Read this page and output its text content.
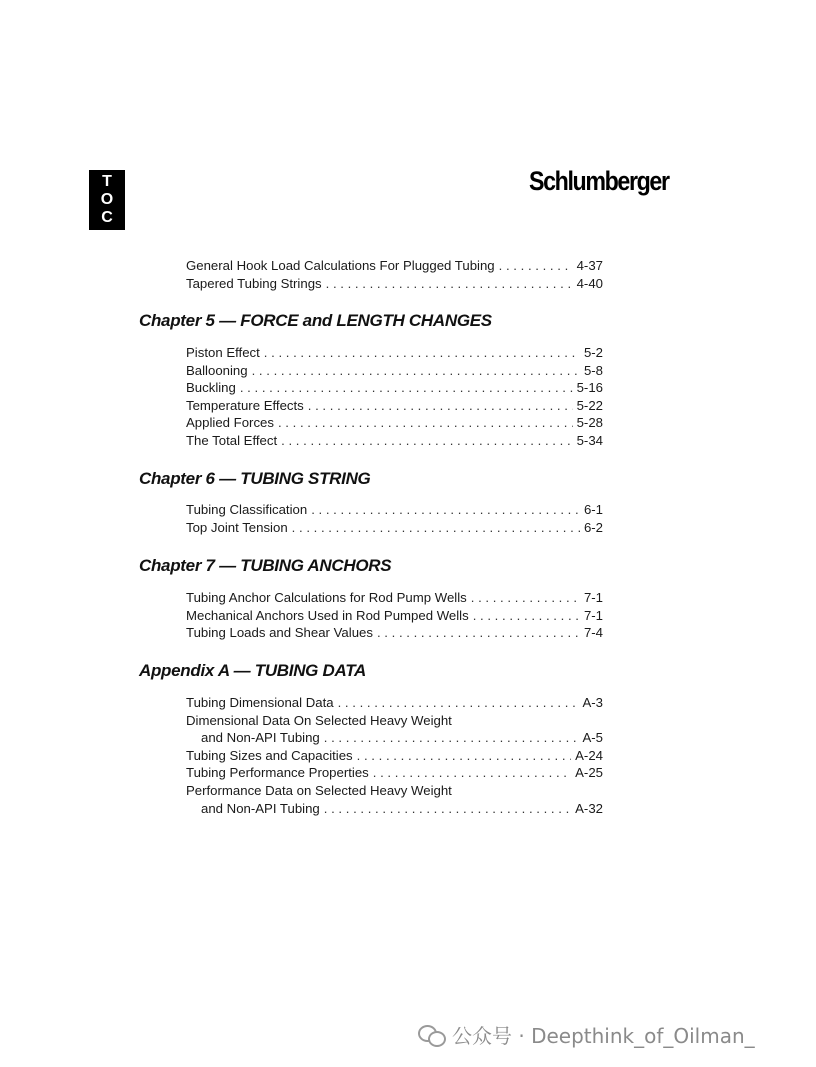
T
O
C
Schlumberger
General Hook Load Calculations For Plugged Tubing . . .	4-37
Tapered Tubing Strings . . .	4-40
Chapter 5 — FORCE and LENGTH CHANGES
Piston Effect . . .	5-2
Ballooning . . .	5-8
Buckling . . .	5-16
Temperature Effects . . .	5-22
Applied Forces . . .	5-28
The Total Effect . . .	5-34
Chapter 6 — TUBING STRING
Tubing Classification . . .	6-1
Top Joint Tension . . .	6-2
Chapter 7 — TUBING ANCHORS
Tubing Anchor Calculations for Rod Pump Wells . . .	7-1
Mechanical Anchors Used in Rod Pumped Wells . . .	7-1
Tubing Loads and Shear Values . . .	7-4
Appendix A — TUBING DATA
Tubing Dimensional Data . . .	A-3
Dimensional Data On Selected Heavy Weight
and Non-API Tubing . . .	A-5
Tubing Sizes and Capacities . . .	A-24
Tubing Performance Properties . . .	A-25
Performance Data on Selected Heavy Weight
and Non-API Tubing . . .	A-32
公众号 · Deepthink_of_Oilman_
